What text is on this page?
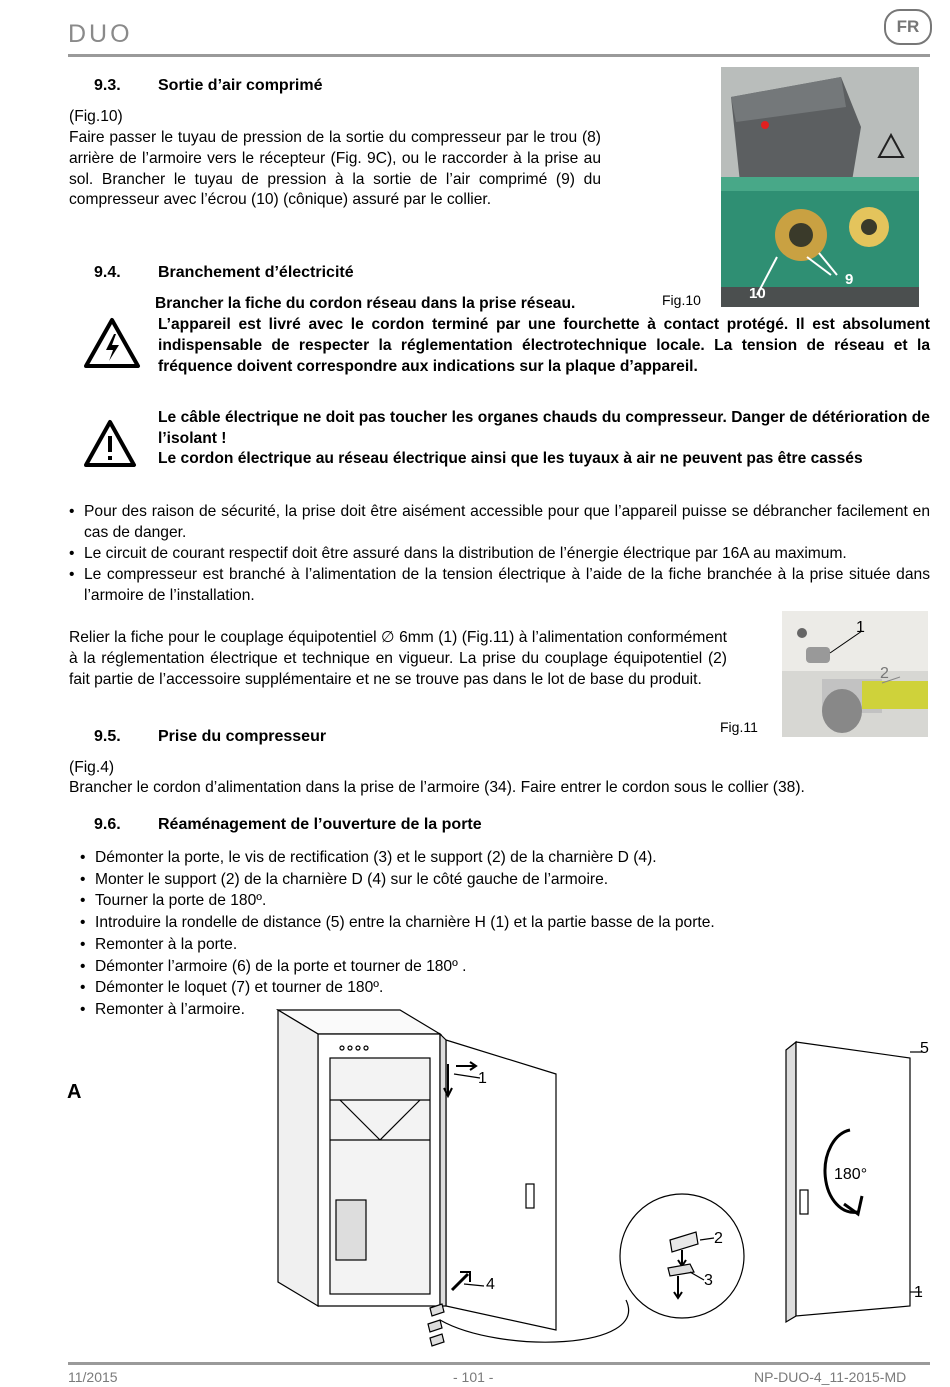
DUO	FR
9.3. Sortie d’air comprimé

(Fig.10)

Faire passer le tuyau de pression de la sortie du compresseur par le trou (8) arrière de l’armoire vers le récepteur (Fig. 9C), ou le raccorder à la prise au sol. Brancher le tuyau de pression à la sortie de l’air comprimé (9) du compresseur avec l’écrou (10) (cônique) assuré par le collier.

10
9
9.4. Branchement d’électricité

Fig.10

Brancher la fiche du cordon réseau dans la prise réseau.

L’appareil est livré avec le cordon terminé par une fourchette à contact protégé. Il est absolument indispensable de respecter la réglementation électrotechnique locale. La tension de réseau et la fréquence doivent correspondre aux indications sur la plaque d’appareil.

Le câble électrique ne doit pas toucher les organes chauds du compresseur. Danger de détérioration de l’isolant !

Le cordon électrique au réseau électrique ainsi que les tuyaux à air ne peuvent pas être cassés

• Pour des raison de sécurité, la prise doit être aisément accessible pour que l’appareil puisse se débrancher facilement en cas de danger.
• Le circuit de courant respectif doit être assuré dans la distribution de l’énergie électrique par 16A au maximum.
• Le compresseur est branché à l’alimentation de la tension électrique à l’aide de la fiche branchée à la prise située dans l’armoire de l’installation.

Relier la fiche pour le couplage équipotentiel ∅ 6mm (1) (Fig.11) à l’alimentation conformément à la réglementation électrique et technique en vigueur. La prise du couplage équipotentiel (2) fait partie de l’accessoire supplémentaire et ne se trouve pas dans le lot de base du produit.

1
2

Fig.11

9.5. Prise du compresseur

(Fig.4)

Brancher le cordon d’alimentation dans la prise de l’armoire (34). Faire entrer le cordon sous le collier (38).

9.6. Réaménagement de l’ouverture de la porte
• Démonter la porte, le vis de rectification (3) et le support (2) de la charnière D (4).
• Monter le support (2) de la charnière D (4) sur le côté gauche de l’armoire.
• Tourner la porte de 180º.
• Introduire la rondelle de distance (5) entre la charnière H (1) et la partie basse de la porte.
• Remonter à la porte.
• Démonter l’armoire (6) de la porte et tourner de 180º .
• Démonter le loquet (7) et tourner de 180º.
• Remonter à l’armoire.
A
1
4
2
3
5
1
180°
11/2015	- 101 -	NP-DUO-4_11-2015-MD
